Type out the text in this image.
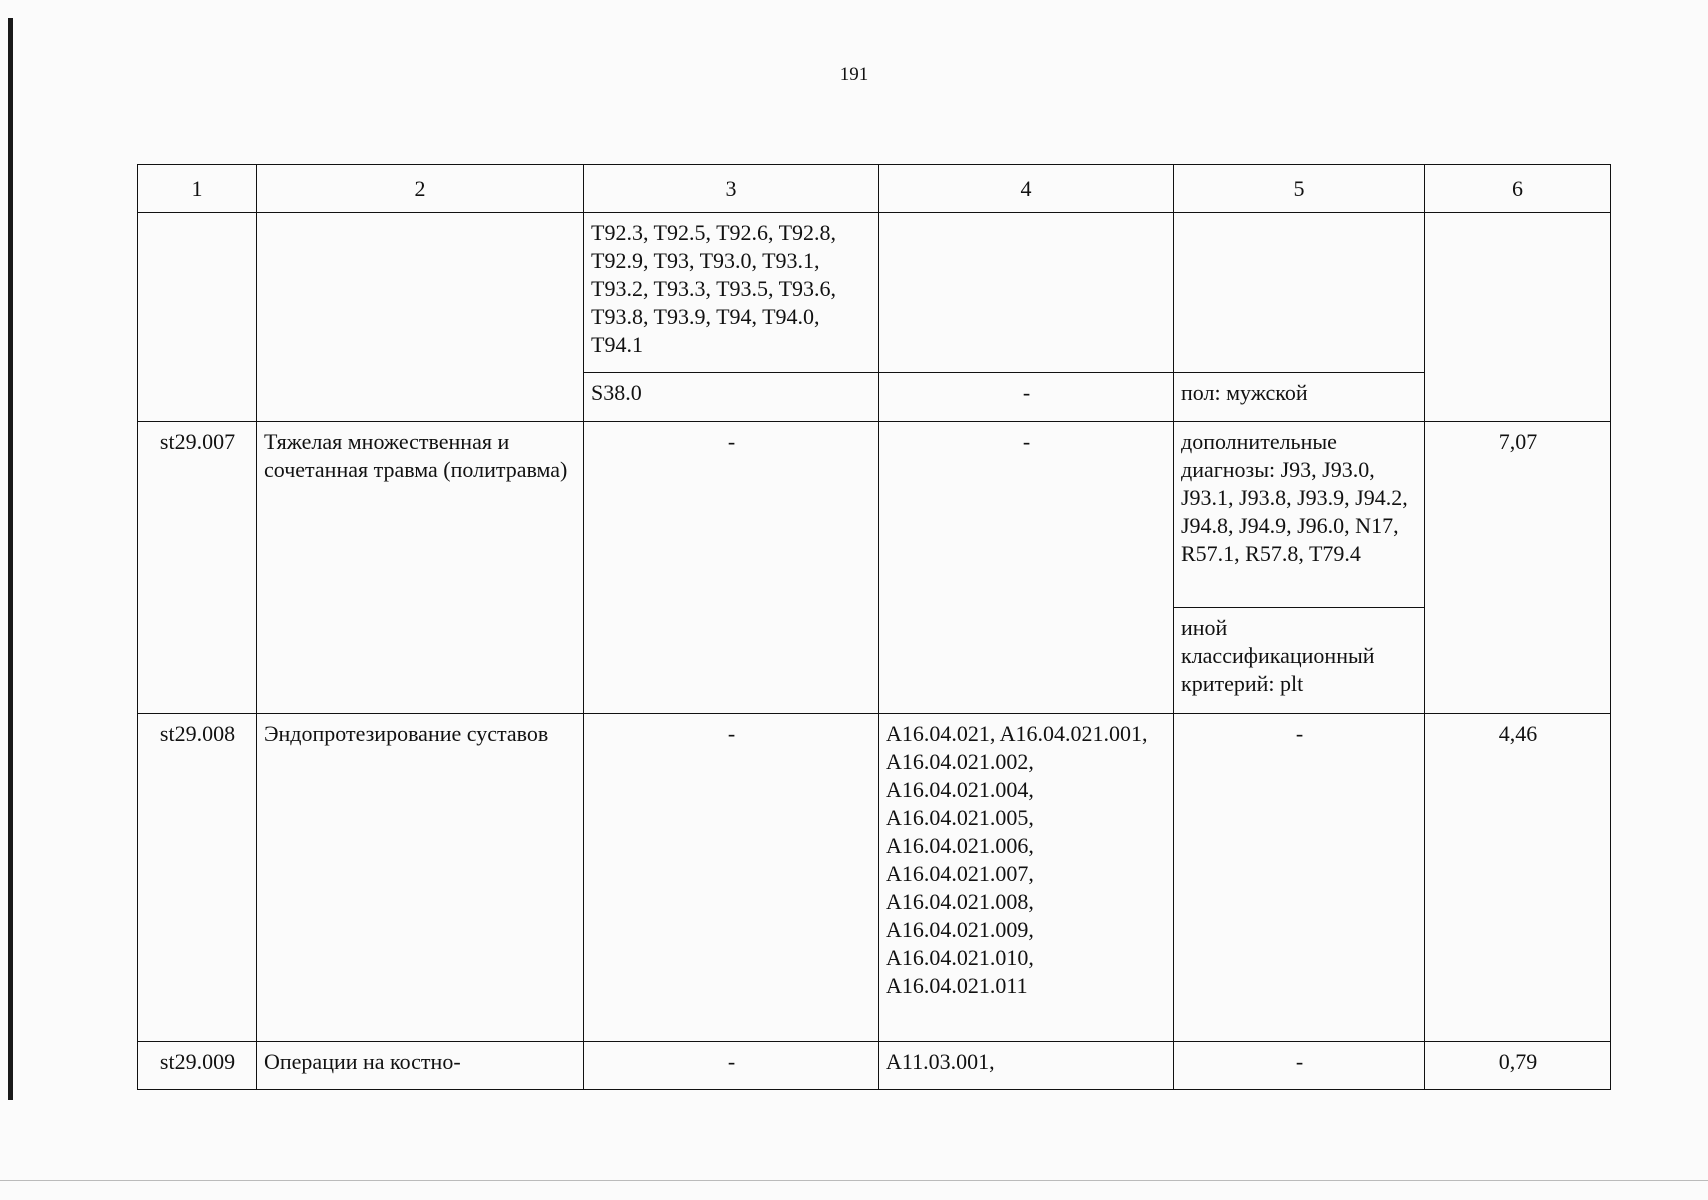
191
1	2	3	4	5	6
		T92.3, T92.5, T92.6, T92.8, T92.9, T93, T93.0, T93.1, T93.2, T93.3, T93.5, T93.6, T93.8, T93.9, T94, T94.0, T94.1			
		S38.0	-	пол: мужской	
st29.007	Тяжелая множественная и сочетанная травма (политравма)	-	-	дополнительные диагнозы: J93, J93.0, J93.1, J93.8, J93.9, J94.2, J94.8, J94.9, J96.0, N17, R57.1, R57.8, T79.4	7,07
				иной классификационный критерий: plt	
st29.008	Эндопротезирование суставов	-	A16.04.021, A16.04.021.001, A16.04.021.002, A16.04.021.004, A16.04.021.005, A16.04.021.006, A16.04.021.007, A16.04.021.008, A16.04.021.009, A16.04.021.010, A16.04.021.011	-	4,46
st29.009	Операции на костно-	-	A11.03.001,	-	0,79
